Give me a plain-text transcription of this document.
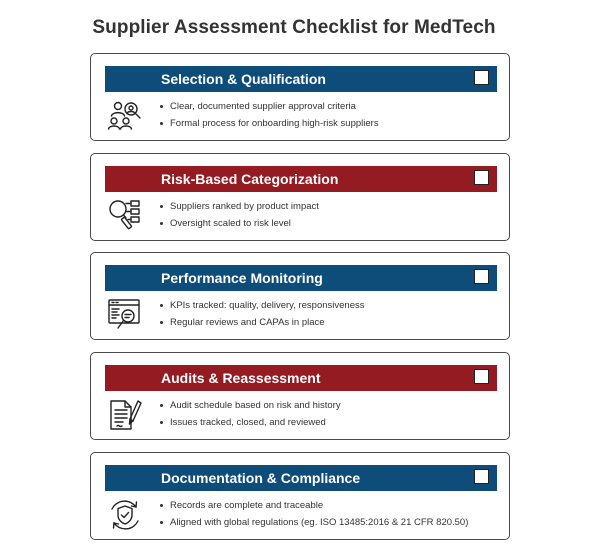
Supplier Assessment Checklist for MedTech
Selection & Qualification
Clear, documented supplier approval criteria
Formal process for onboarding high-risk suppliers
Risk-Based Categorization
Suppliers ranked by product impact
Oversight scaled to risk level
Performance Monitoring
KPIs tracked: quality, delivery, responsiveness
Regular reviews and CAPAs in place
Audits & Reassessment
Audit schedule based on risk and history
Issues tracked, closed, and reviewed
Documentation & Compliance
Records are complete and traceable
Aligned with global regulations (eg. ISO 13485:2016 & 21 CFR 820.50)
